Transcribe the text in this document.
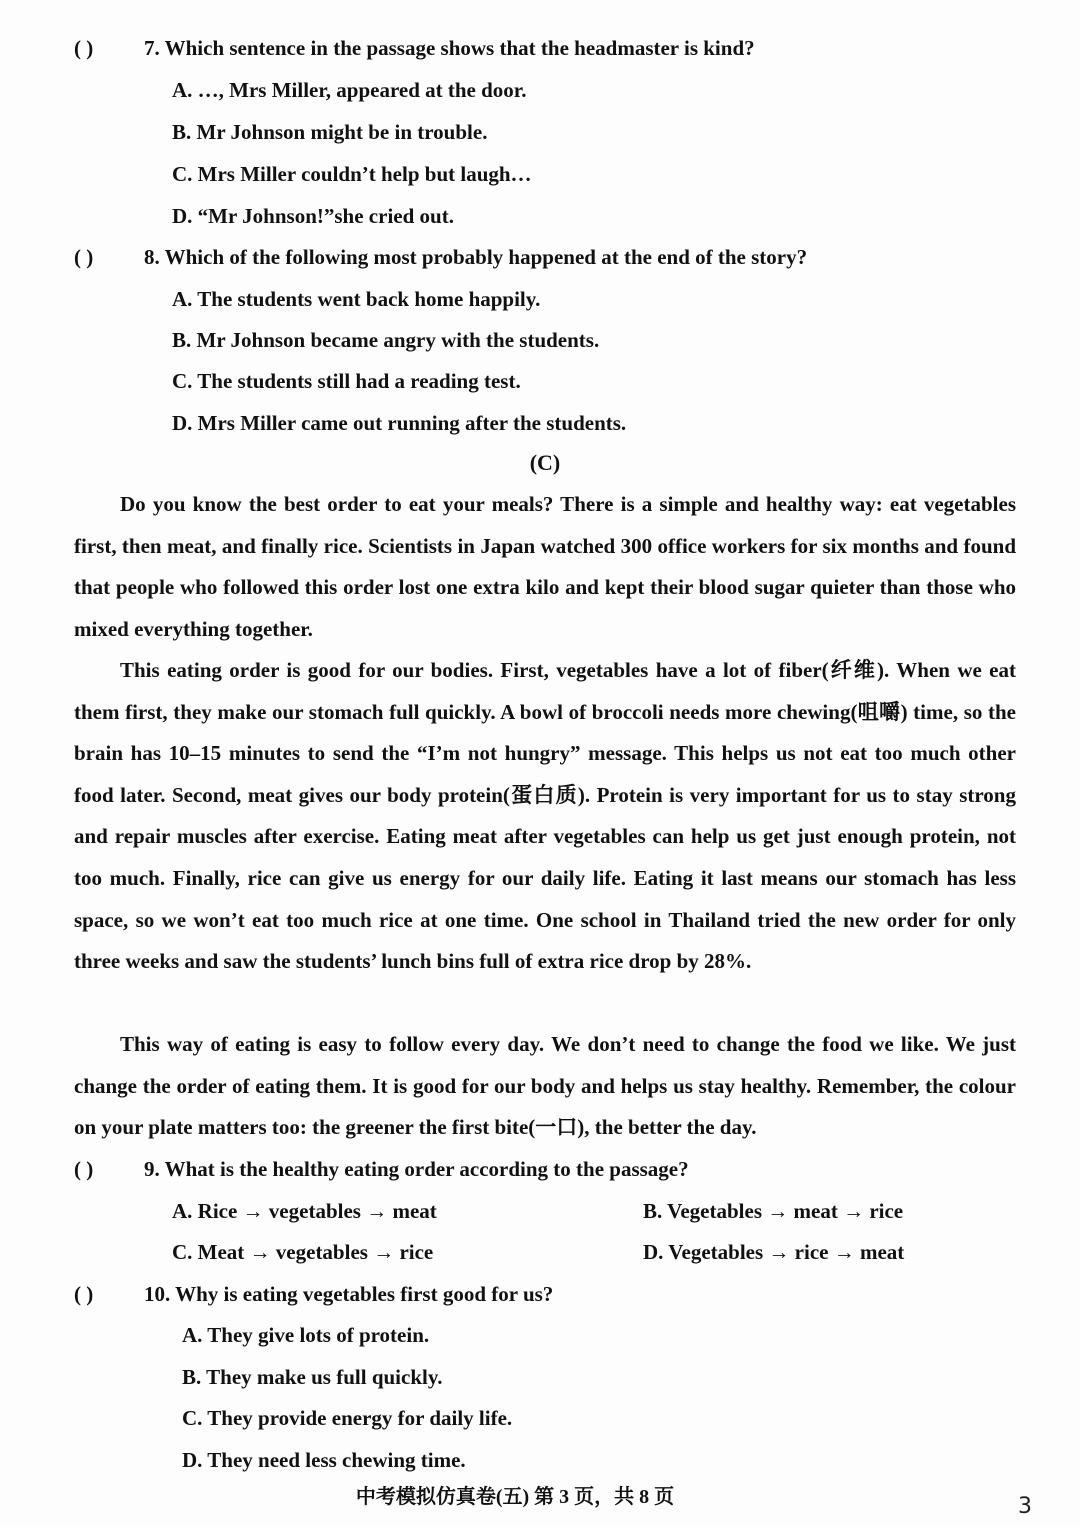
( ) 7. Which sentence in the passage shows that the headmaster is kind?
A. …, Mrs Miller, appeared at the door.
B. Mr Johnson might be in trouble.
C. Mrs Miller couldn’t help but laugh…
D. “Mr Johnson!”she cried out.
( ) 8. Which of the following most probably happened at the end of the story?
A. The students went back home happily.
B. Mr Johnson became angry with the students.
C. The students still had a reading test.
D. Mrs Miller came out running after the students.
(C)
Do you know the best order to eat your meals? There is a simple and healthy way: eat vegetables first, then meat, and finally rice. Scientists in Japan watched 300 office workers for six months and found that people who followed this order lost one extra kilo and kept their blood sugar quieter than those who mixed everything together.
This eating order is good for our bodies. First, vegetables have a lot of fiber(纤维). When we eat them first, they make our stomach full quickly. A bowl of broccoli needs more chewing(咀嚼) time, so the brain has 10–15 minutes to send the “I’m not hungry” message. This helps us not eat too much other food later. Second, meat gives our body protein(蛋白质). Protein is very important for us to stay strong and repair muscles after exercise. Eating meat after vegetables can help us get just enough protein, not too much. Finally, rice can give us energy for our daily life. Eating it last means our stomach has less space, so we won’t eat too much rice at one time. One school in Thailand tried the new order for only three weeks and saw the students’ lunch bins full of extra rice drop by 28%.
This way of eating is easy to follow every day. We don’t need to change the food we like. We just change the order of eating them. It is good for our body and helps us stay healthy. Remember, the colour on your plate matters too: the greener the first bite(一口), the better the day.
( ) 9. What is the healthy eating order according to the passage?
A. Rice → vegetables → meat	B. Vegetables → meat → rice
C. Meat → vegetables → rice	D. Vegetables → rice → meat
( ) 10. Why is eating vegetables first good for us?
A. They give lots of protein.
B. They make us full quickly.
C. They provide energy for daily life.
D. They need less chewing time.
中考模拟仿真卷(五) 第 3 页，共 8 页	3
